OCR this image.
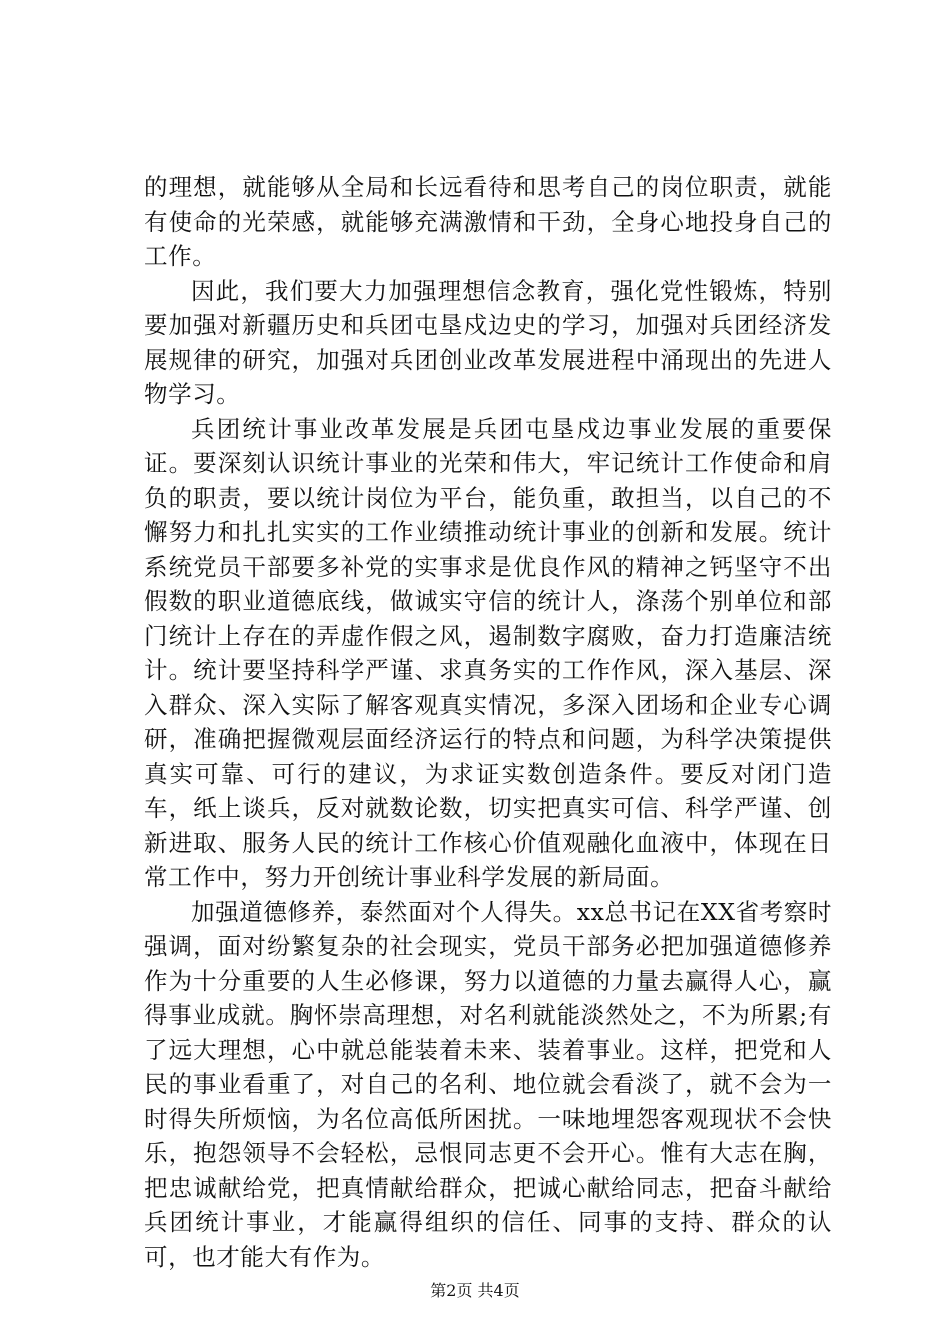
的理想，就能够从全局和长远看待和思考自己的岗位职责，就能有使命的光荣感，就能够充满激情和干劲，全身心地投身自己的工作。

因此，我们要大力加强理想信念教育，强化党性锻炼，特别要加强对新疆历史和兵团屯垦戍边史的学习，加强对兵团经济发展规律的研究，加强对兵团创业改革发展进程中涌现出的先进人物学习。

兵团统计事业改革发展是兵团屯垦戍边事业发展的重要保证。要深刻认识统计事业的光荣和伟大，牢记统计工作使命和肩负的职责，要以统计岗位为平台，能负重，敢担当，以自己的不懈努力和扎扎实实的工作业绩推动统计事业的创新和发展。统计系统党员干部要多补党的实事求是优良作风的精神之钙坚守不出假数的职业道德底线，做诚实守信的统计人，涤荡个别单位和部门统计上存在的弄虚作假之风，遏制数字腐败，奋力打造廉洁统计。统计要坚持科学严谨、求真务实的工作作风，深入基层、深入群众、深入实际了解客观真实情况，多深入团场和企业专心调研，准确把握微观层面经济运行的特点和问题，为科学决策提供真实可靠、可行的建议，为求证实数创造条件。要反对闭门造车，纸上谈兵，反对就数论数，切实把真实可信、科学严谨、创新进取、服务人民的统计工作核心价值观融化血液中，体现在日常工作中，努力开创统计事业科学发展的新局面。

加强道德修养，泰然面对个人得失。xx总书记在XX省考察时强调，面对纷繁复杂的社会现实，党员干部务必把加强道德修养作为十分重要的人生必修课，努力以道德的力量去赢得人心，赢得事业成就。胸怀崇高理想，对名利就能淡然处之，不为所累;有了远大理想，心中就总能装着未来、装着事业。这样，把党和人民的事业看重了，对自己的名利、地位就会看淡了，就不会为一时得失所烦恼，为名位高低所困扰。一味地埋怨客观现状不会快乐，抱怨领导不会轻松，忌恨同志更不会开心。惟有大志在胸，把忠诚献给党，把真情献给群众，把诚心献给同志，把奋斗献给兵团统计事业，才能赢得组织的信任、同事的支持、群众的认可，也才能大有作为。

第2页 共4页
